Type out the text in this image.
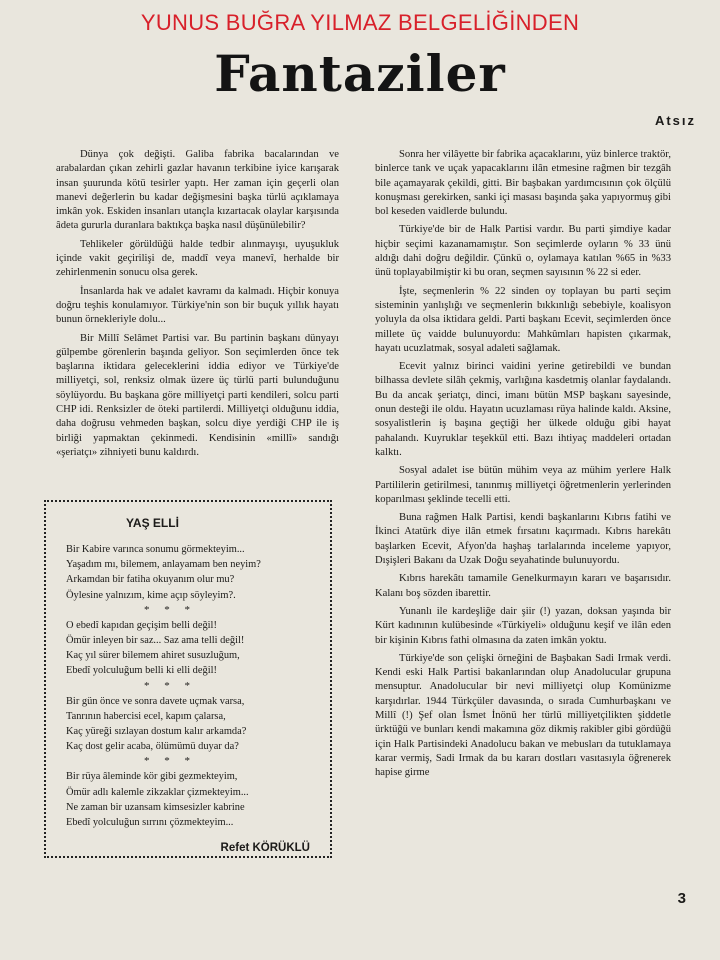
YUNUS BUĞRA YILMAZ BELGELİĞİNDEN
Fantaziler
Atsız

Dünya çok değişti. Galiba fabrika bacalarından ve arabalardan çıkan zehirli gazlar havanın terkibine iyice karışarak insan şuurunda kötü tesirler yaptı. Her zaman için geçerli olan manevi değerlerin bu kadar değişmesini başka türlü açıklamaya imkân yok. Eskiden insanları utançla kızartacak olaylar karşısında âdeta gururla duranlara baktıkça başka nasıl düşünülebilir?

Tehlikeler görüldüğü halde tedbir alınmayışı, uyuşukluk içinde vakit geçirilişi de, maddî veya manevî, herhalde bir zehirlenmenin sonucu olsa gerek.

İnsanlarda hak ve adalet kavramı da kalmadı. Hiçbir konuya doğru teşhis konulamıyor. Türkiye'nin son bir buçuk yıllık hayatı bunun örnekleriyle dolu...

Bir Millî Selâmet Partisi var. Bu partinin başkanı dünyayı gülpembe görenlerin başında geliyor. Son seçimlerden önce tek başlarına iktidara geleceklerini iddia ediyor ve Türkiye'de milliyetçi, sol, renksiz olmak üzere üç türlü parti bulunduğunu söylüyordu. Bu başkana göre milliyetçi parti kendileri, solcu parti CHP idi. Renksizler de öteki partilerdi. Milliyetçi olduğunu iddia, daha doğrusu vehmeden başkan, solcu diye yerdiği CHP ile iş birliği yapmaktan çekinmedi. Kendisinin «millî» sandığı «şeriatçı» zihniyeti bunu kaldırdı.

YAŞ ELLİ
Bir Kabire varınca sonumu görmekteyim...
Yaşadım mı, bilemem, anlayamam ben neyim?
Arkamdan bir fatiha okuyanım olur mu?
Öylesine yalnızım, kime açıp söyleyim?.
* * *
O ebedî kapıdan geçişim belli değil!
Ömür inleyen bir saz... Saz ama telli değil!
Kaç yıl sürer bilemem ahiret susuzluğum,
Ebedî yolculuğum belli ki elli değil!
* * *
Bir gün önce ve sonra davete uçmak varsa,
Tanrının habercisi ecel, kapım çalarsa,
Kaç yüreği sızlayan dostum kalır arkamda?
Kaç dost gelir acaba, ölümümü duyar da?
* * *
Bir rüya âleminde kör gibi gezmekteyim,
Ömür adlı kalemle zikzaklar çizmekteyim...
Ne zaman bir uzansam kimsesizler kabrine
Ebedî yolculuğun sırrını çözmekteyim...
Refet KÖRÜKLÜ

Sonra her vilâyette bir fabrika açacaklarını, yüz binlerce traktör, binlerce tank ve uçak yapacaklarını ilân etmesine rağmen bir tezgâh bile açamayarak çekildi, gitti. Bir başbakan yardımcısının çok ölçülü konuşması gerekirken, sanki içi masası başında şaka yapıyormuş gibi bol keseden vaidlerde bulundu.

Türkiye'de bir de Halk Partisi vardır. Bu parti şimdiye kadar hiçbir seçimi kazanamamıştır. Son seçimlerde oyların % 33 ünü aldığı dahi doğru değildir. Çünkü o, oylamaya katılan %65 in %33 ünü toplayabilmiştir ki bu oran, seçmen sayısının % 22 si eder.

İşte, seçmenlerin % 22 sinden oy toplayan bu parti seçim sisteminin yanlışlığı ve seçmenlerin bıkkınlığı sebebiyle, koalisyon yoluyla da olsa iktidara geldi. Parti başkanı Ecevit, seçimlerden önce millete üç vaidde bulunuyordu: Mahkûmları hapisten çıkarmak, hayatı ucuzlatmak, sosyal adaleti sağlamak.

Ecevit yalnız birinci vaidini yerine getirebildi ve bundan bilhassa devlete silâh çekmiş, varlığına kasdetmiş olanlar faydalandı. Bu da ancak şeriatçı, dinci, imanı bütün MSP başkanı sayesinde, onun desteği ile oldu. Hayatın ucuzlaması rüya halinde kaldı. Aksine, sosyalistlerin iş başına geçtiği her ülkede olduğu gibi hayat pahalandı. Kuyruklar teşekkül etti. Bazı ihtiyaç maddeleri ortadan kalktı.

Sosyal adalet ise bütün mühim veya az mühim yerlere Halk Partililerin getirilmesi, tanınmış milliyetçi öğretmenlerin yerlerinden koparılması şeklinde tecelli etti.

Buna rağmen Halk Partisi, kendi başkanlarını Kıbrıs fatihi ve İkinci Atatürk diye ilân etmek fırsatını kaçırmadı. Kıbrıs harekâtı başlarken Ecevit, Afyon'da haşhaş tarlalarında inceleme yapıyor, Dışişleri Bakanı da Uzak Doğu seyahatinde bulunuyordu.

Kıbrıs harekâtı tamamile Genelkurmayın kararı ve başarısıdır. Kalanı boş sözden ibarettir.

Yunanlı ile kardeşliğe dair şiir (!) yazan, doksan yaşında bir Kürt kadınının kulübesinde «Türkiyeli» olduğunu keşif ve ilân eden bir kişinin Kıbrıs fathi olmasına da zaten imkân yoktu.

Türkiye'de son çelişki örneğini de Başbakan Sadi Irmak verdi. Kendi eski Halk Partisi bakanlarından olup Anadolucular grupuna mensuptur. Anadolucular bir nevi milliyetçi olup Komünizme karşıdırlar. 1944 Türkçüler davasında, o sırada Cumhurbaşkanı ve Millî (!) Şef olan İsmet İnönü her türlü milliyetçilikten şiddetle ürktüğü ve bunları kendi makamına göz dikmiş rakibler gibi gördüğü için Halk Partisindeki Anadolucu bakan ve mebusları da tutuklamaya karar vermiş, Sadi Irmak da bu kararı dostları vasıtasıyla öğrenerek hapise girme

3
